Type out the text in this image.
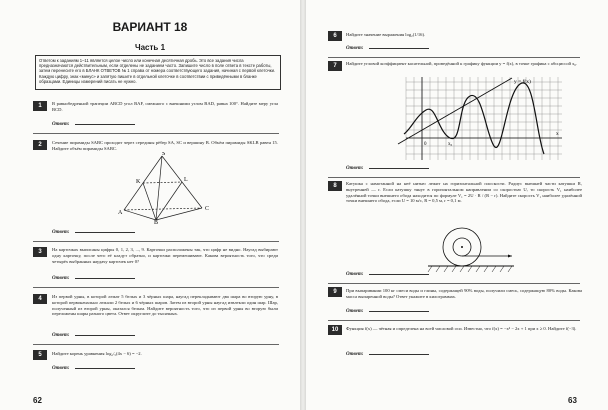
ВАРИАНТ 18
Часть 1
Ответом к заданиям 1–11 является целое число или конечная десятичная дробь. Это все задания числа предназначаются действительным, если отделены не заданием часто. Запишите число в поле ответа в тексте работы, затем перенесите его в БЛАНК ОТВЕТОВ № 1 справа от номера соответствующего задания, начиная с первой клеточки. Каждую цифру, знак «минус» и запятую пишите в отдельной клеточке в соответствии с приведёнными в бланке образцами. Единицы измерений писать не нужно.
1	В равнобедренной трапеции ABCD угол BAF, смежного с внешними углом BAD, равна 100°. Найдите меру угла BCD.
Ответ:
2	Сечение пирамиды SABC проходит через середины рёбер SA, SC и вершину B. Объём пирамиды SKLB равен 15. Найдите объём пирамиды SABC.
S
K	L
A
B
C
Ответ:
3	На карточках выписаны цифры 0, 1, 2, 3, ..., 9. Карточки расположены так, что цифр не видно. Наугад выбирают одну карточку, после чего её кладут обратно, и карточки перемешивают. Какова вероятность того, что среди четырёх выбранных наудачу карточек нет 0?
Ответ:
4	Из первой урны, в которой лежат 5 белых и 3 чёрных шара, наугад перекладывают два шара во вторую урну, в которой первоначально лежали 2 белых и 6 чёрных шаров. Затем из второй урны наугад извлекли один шар. Шар, полученный из второй урны, оказался белым. Найдите вероятность того, что из первой урны во вторую были переложены шары разного цвета. Ответ округлите до тысячных.
Ответ:
5	Найдите корень уравнения log₁/₅(4x − 6) = −2.
Ответ:
62
6	Найдите значение выражения log₂(1/16).
Ответ:
7	Найдите угловой коэффициент касательной, проведённой к графику функции y = f(x), в точке графика с абсциссой x₀.
y = f(x)
x
0	x₀
Ответ:
8	Катушка с намотанной на неё нитью лежит на горизонтальной плоскости. Радиус внешней части катушки R, внутренней — r. Если катушку тянут в горизонтальном направлении со скоростью U, то скорость V₁ наиболее удалённой точки внешнего обода находится по формуле V₁ = 2U · R / (R − r). Найдите скорость V₁ наиболее удалённой точки внешнего обода, если U = 10 м/с, R = 0,5 м, r = 0,1 м.
Ответ:
9	При выпаривании 100 кг смеси воды и глины, содержащей 90% воды, получили смесь, содержащую 80% воды. Какова масса выпаренной воды? Ответ укажите в килограммах.
Ответ:
10	Функция f(x) — чётная и определена на всей числовой оси. Известно, что f(x) = −x² − 2x + 1 при x ≥ 0. Найдите f(−3).
Ответ:
63
